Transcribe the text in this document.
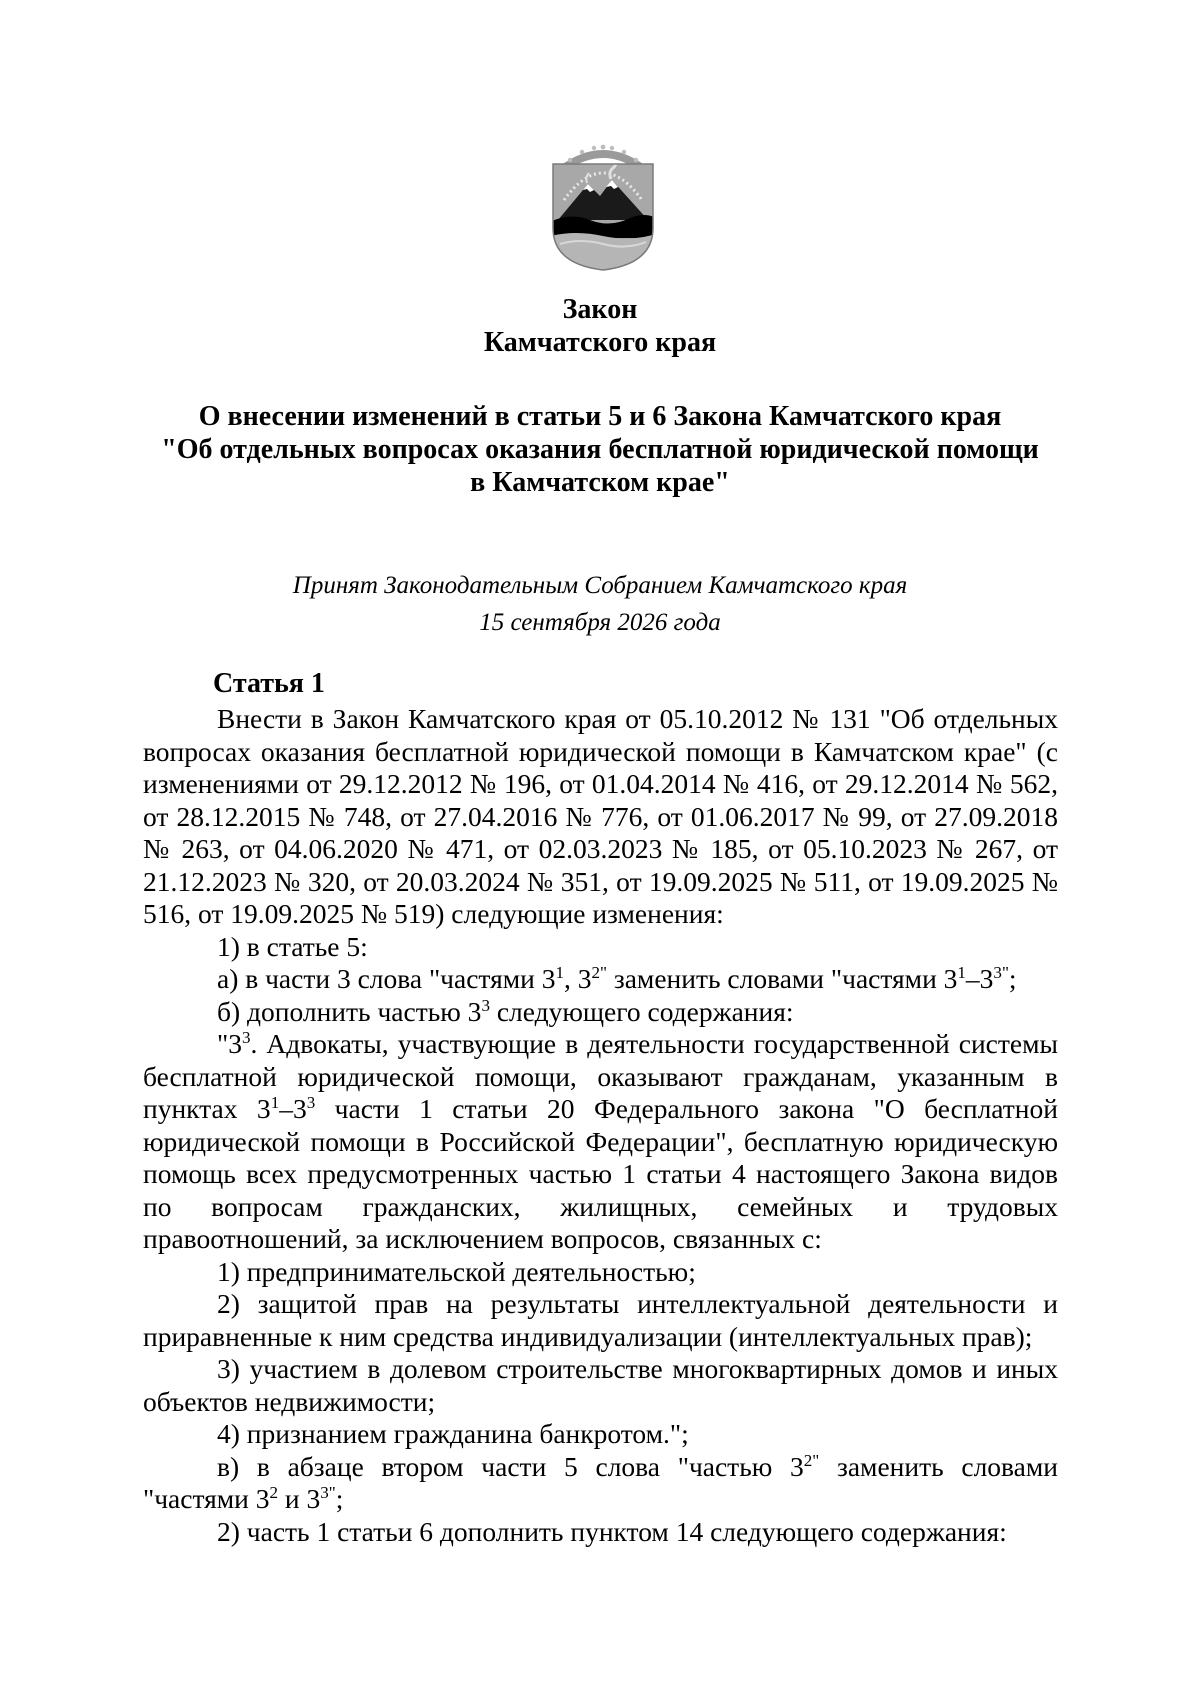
Закон
Камчатского края
О внесении изменений в статьи 5 и 6 Закона Камчатского края
"Об отдельных вопросах оказания бесплатной юридической помощи
в Камчатском крае"

Принят Законодательным Собранием Камчатского края
15 сентября 2026 года

Статья 1

Внести в Закон Камчатского края от 05.10.2012 № 131 "Об отдельных вопросах оказания бесплатной юридической помощи в Камчатском крае" (с изменениями от 29.12.2012 № 196, от 01.04.2014 № 416, от 29.12.2014 № 562, от 28.12.2015 № 748, от 27.04.2016 № 776, от 01.06.2017 № 99, от 27.09.2018 № 263, от 04.06.2020 № 471, от 02.03.2023 № 185, от 05.10.2023 № 267, от 21.12.2023 № 320, от 20.03.2024 № 351, от 19.09.2025 № 511, от 19.09.2025 № 516, от 19.09.2025 № 519) следующие изменения:

1) в статье 5:

а) в части 3 слова "частями $3^1$, $3^{2"}$ заменить словами "частями $3^1-3^{3"}$;

б) дополнить частью $3^3$ следующего содержания:

"$3^3$. Адвокаты, участвующие в деятельности государственной системы бесплатной юридической помощи, оказывают гражданам, указанным в пунктах $3^1-3^3$ части 1 статьи 20 Федерального закона "О бесплатной юридической помощи в Российской Федерации", бесплатную юридическую помощь всех предусмотренных частью 1 статьи 4 настоящего Закона видов по вопросам гражданских, жилищных, семейных и трудовых правоотношений, за исключением вопросов, связанных с:

1) предпринимательской деятельностью;

2) защитой прав на результаты интеллектуальной деятельности и приравненные к ним средства индивидуализации (интеллектуальных прав);

3) участием в долевом строительстве многоквартирных домов и иных объектов недвижимости;

4) признанием гражданина банкротом.";

в) в абзаце втором части 5 слова "частью $3^{2"}$ заменить словами "частями $3^2$ и $3^{3"}$;

2) часть 1 статьи 6 дополнить пунктом 14 следующего содержания:
